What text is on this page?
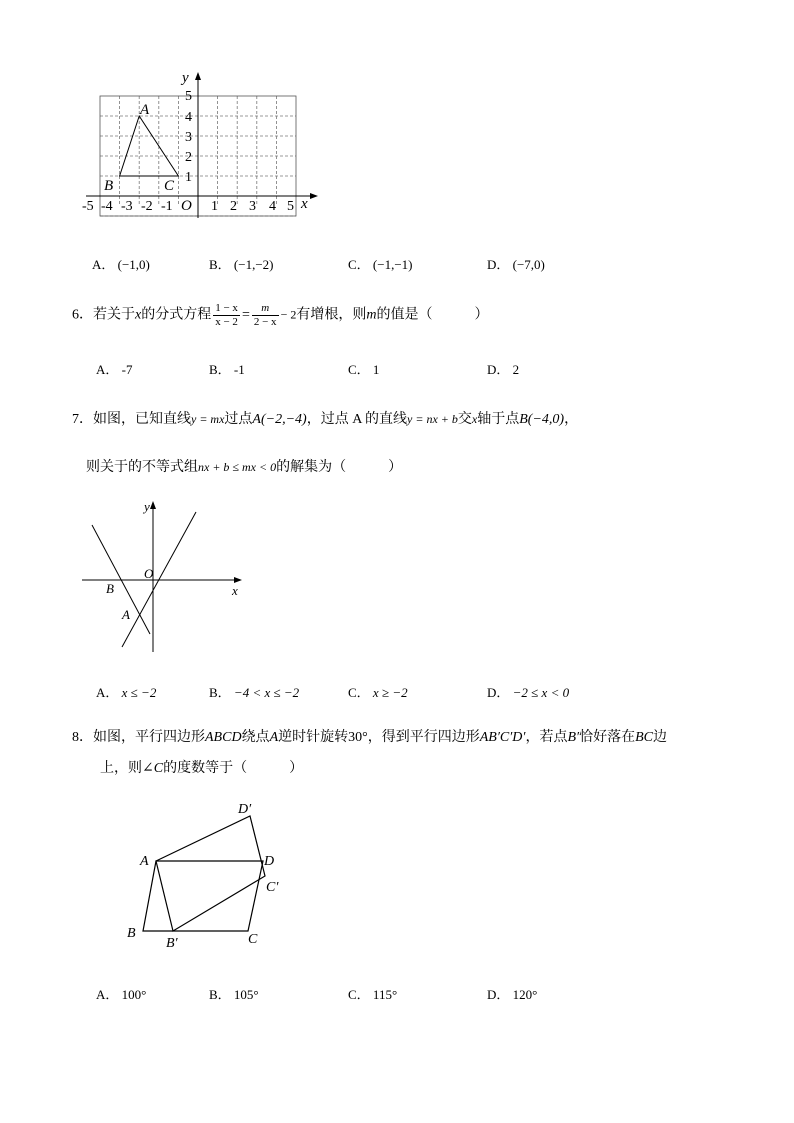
y
x
O
A
B	C
-5 -4 -3 -2 -1	1 2 3 4 5
1
2
3
4
5
A． (−1,0)	B． (−1,−2)	C． (−1,−1)	D． (−7,0)
6．若关于x的分式方程 $\frac{1 - x}{x - 2} = \frac{m}{2 - x} - 2$有增根，则m的值是（　　　）
A． -7	B． -1	C． 1	D． 2
7．如图，已知直线y = mx过点A(−2,−4)，过点 A 的直线y = nx + b交x轴于点B(−4,0)，
则关于的不等式组nx + b ≤ mx < 0的解集为（　　　）
y
x
O
B
A
A． x ≤ −2	B． −4 < x ≤ −2	C． x ≥ −2	D． −2 ≤ x < 0
8．如图，平行四边形ABCD绕点A逆时针旋转30°，得到平行四边形AB′C′D′，若点B′恰好落在BC边
上，则∠C的度数等于（　　　）
A
B	C
D
B′
C′
D′
A． 100°	B． 105°	C． 115°	D． 120°
